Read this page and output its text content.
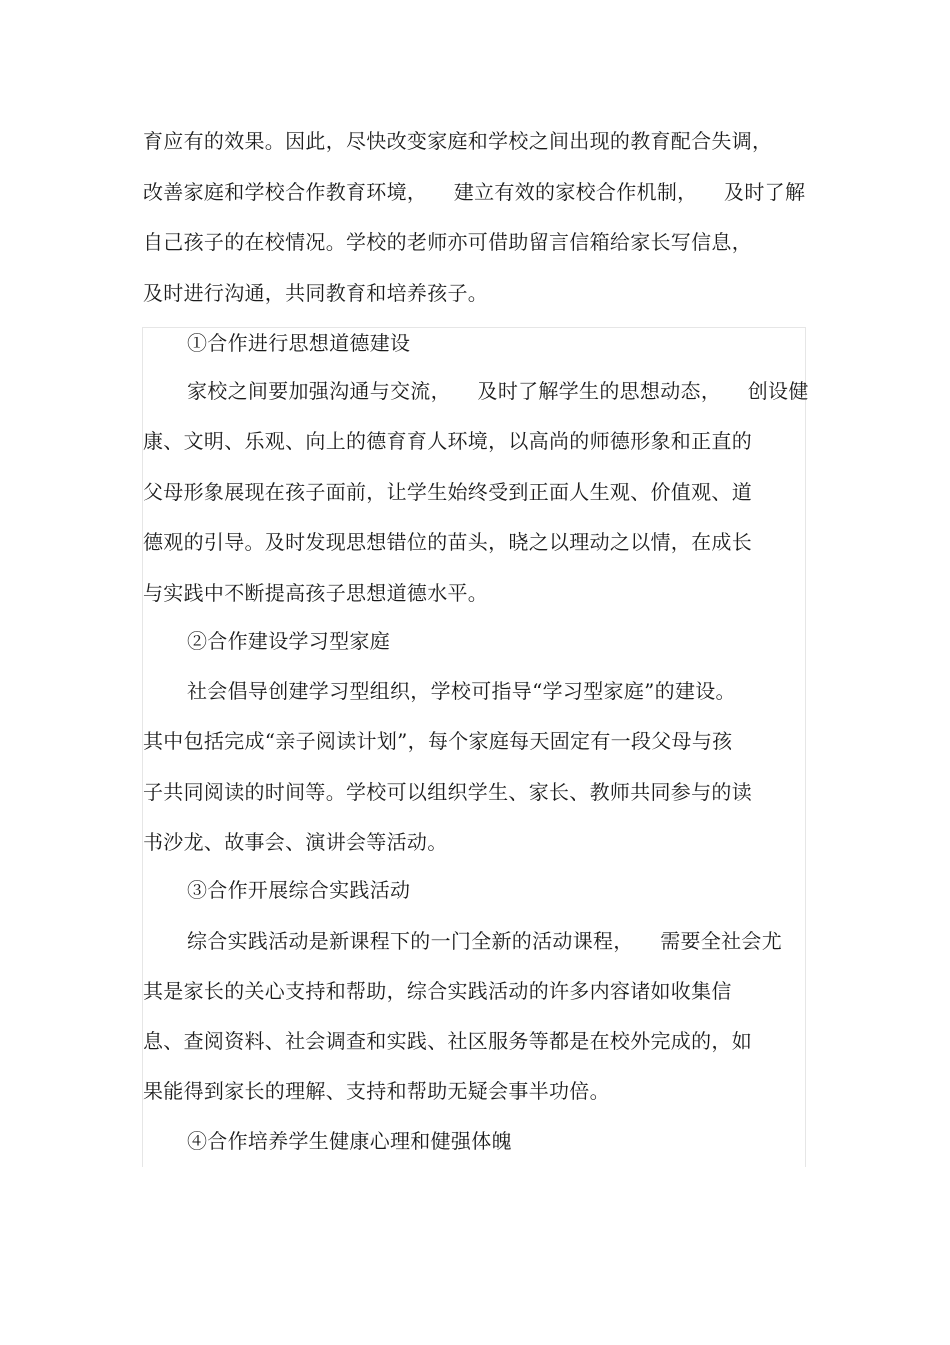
育应有的效果。因此，尽快改变家庭和学校之间出现的教育配合失调，
改善家庭和学校合作教育环境，    建立有效的家校合作机制，    及时了解
自己孩子的在校情况。学校的老师亦可借助留言信箱给家长写信息，
及时进行沟通，共同教育和培养孩子。
①合作进行思想道德建设
家校之间要加强沟通与交流，    及时了解学生的思想动态，    创设健
康、文明、乐观、向上的德育育人环境，以高尚的师德形象和正直的
父母形象展现在孩子面前，让学生始终受到正面人生观、价值观、道
德观的引导。及时发现思想错位的苗头，晓之以理动之以情，在成长
与实践中不断提高孩子思想道德水平。
②合作建设学习型家庭
社会倡导创建学习型组织，学校可指导“学习型家庭”的建设。
其中包括完成“亲子阅读计划”，每个家庭每天固定有一段父母与孩
子共同阅读的时间等。学校可以组织学生、家长、教师共同参与的读
书沙龙、故事会、演讲会等活动。
③合作开展综合实践活动
综合实践活动是新课程下的一门全新的活动课程，    需要全社会尤
其是家长的关心支持和帮助，综合实践活动的许多内容诸如收集信
息、查阅资料、社会调查和实践、社区服务等都是在校外完成的，如
果能得到家长的理解、支持和帮助无疑会事半功倍。
④合作培养学生健康心理和健强体魄
